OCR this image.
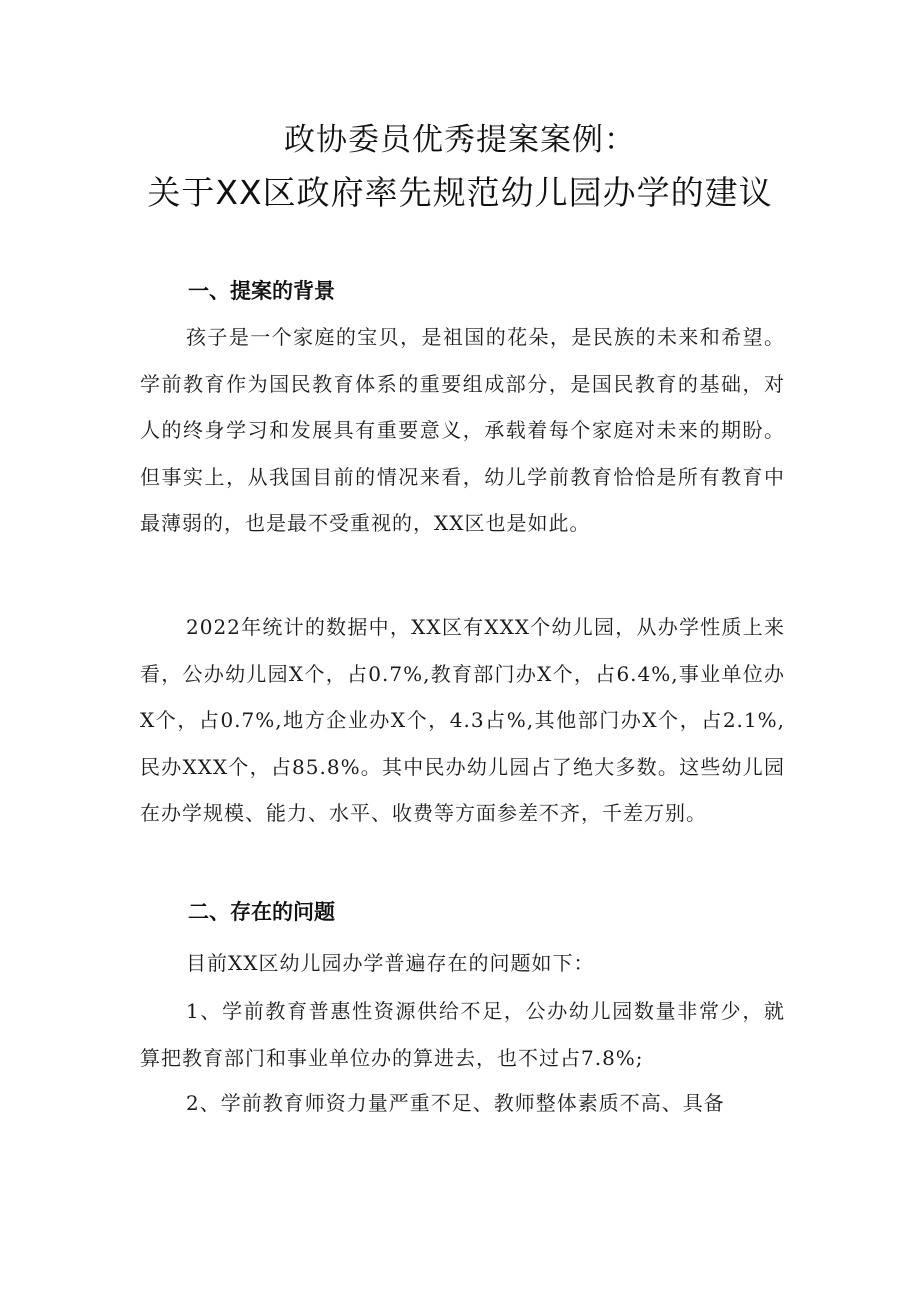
政协委员优秀提案案例：
关于XX区政府率先规范幼儿园办学的建议
一、提案的背景

孩子是一个家庭的宝贝，是祖国的花朵，是民族的未来和希望。学前教育作为国民教育体系的重要组成部分，是国民教育的基础，对人的终身学习和发展具有重要意义，承载着每个家庭对未来的期盼。但事实上，从我国目前的情况来看，幼儿学前教育恰恰是所有教育中最薄弱的，也是最不受重视的，XX区也是如此。

2022年统计的数据中，XX区有XXX个幼儿园，从办学性质上来看，公办幼儿园X个，占0.7%,教育部门办X个，占6.4%,事业单位办X个，占0.7%,地方企业办X个，4.3占%,其他部门办X个，占2.1%,民办XXX个，占85.8%。其中民办幼儿园占了绝大多数。这些幼儿园在办学规模、能力、水平、收费等方面参差不齐，千差万别。

二、存在的问题

目前XX区幼儿园办学普遍存在的问题如下：

1、学前教育普惠性资源供给不足，公办幼儿园数量非常少，就算把教育部门和事业单位办的算进去，也不过占7.8%;

2、学前教育师资力量严重不足、教师整体素质不高、具备
